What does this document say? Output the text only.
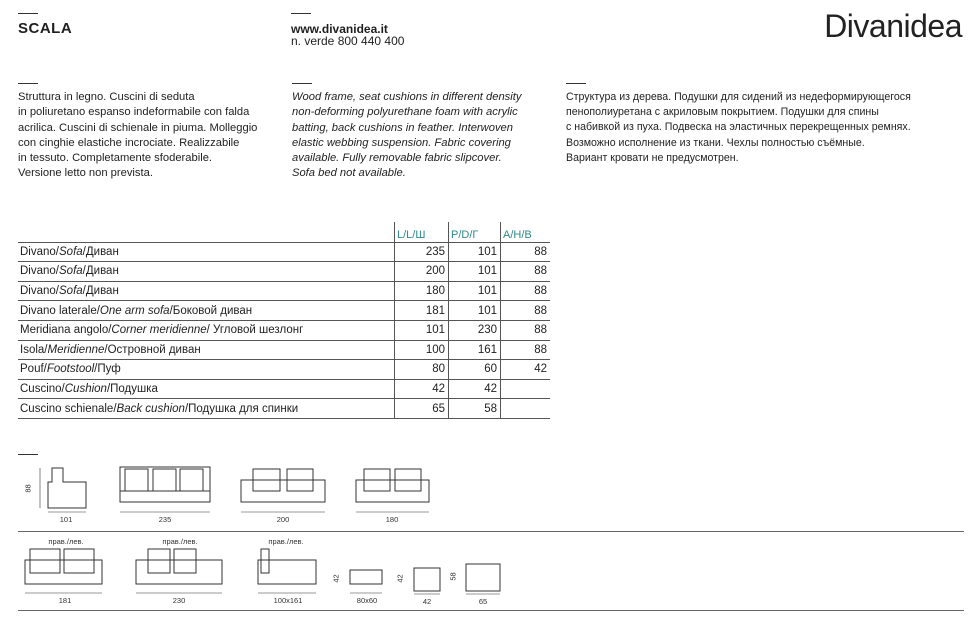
SCALA	www.divanidea.it
n. verde 800 440 400	Divanidea
Struttura in legno. Cuscini di seduta
in poliuretano espanso indeformabile con falda
acrilica. Cuscini di schienale in piuma. Molleggio
con cinghie elastiche incrociate. Realizzabile
in tessuto. Completamente sfoderabile.
Versione letto non prevista.
Wood frame, seat cushions in different density
non-deforming polyurethane foam with acrylic
batting, back cushions in feather. Interwoven
elastic webbing suspension. Fabric covering
available. Fully removable fabric slipcover.
Sofa bed not available.
Структура из дерева. Подушки для сидений из недеформирующегося
пенополиуретана с акриловым покрытием. Подушки для спины
с набивкой из пуха. Подвеска на эластичных перекрещенных ремнях.
Возможно исполнение из ткани. Чехлы полностью съёмные.
Вариант кровати не предусмотрен.
	L/L/Ш	P/D/Г	A/H/B
Divano/Sofa/Диван	235	101	88
Divano/Sofa/Диван	200	101	88
Divano/Sofa/Диван	180	101	88
Divano laterale/One arm sofa/Боковой диван	181	101	88
Meridiana angolo/Corner meridienne/ Угловой шезлонг	101	230	88
Isola/Meridienne/Островной диван	100	161	88
Pouf/Footstool/Пуф	80	60	42
Cuscino/Cushion/Подушка	42	42	
Cuscino schienale/Back cushion/Подушка для спинки	65	58	
88
101	235	200	180
прав./лев.
181
прав./лев.
230
прав./лев.
100x161
42
80x60
42
42
58
65
